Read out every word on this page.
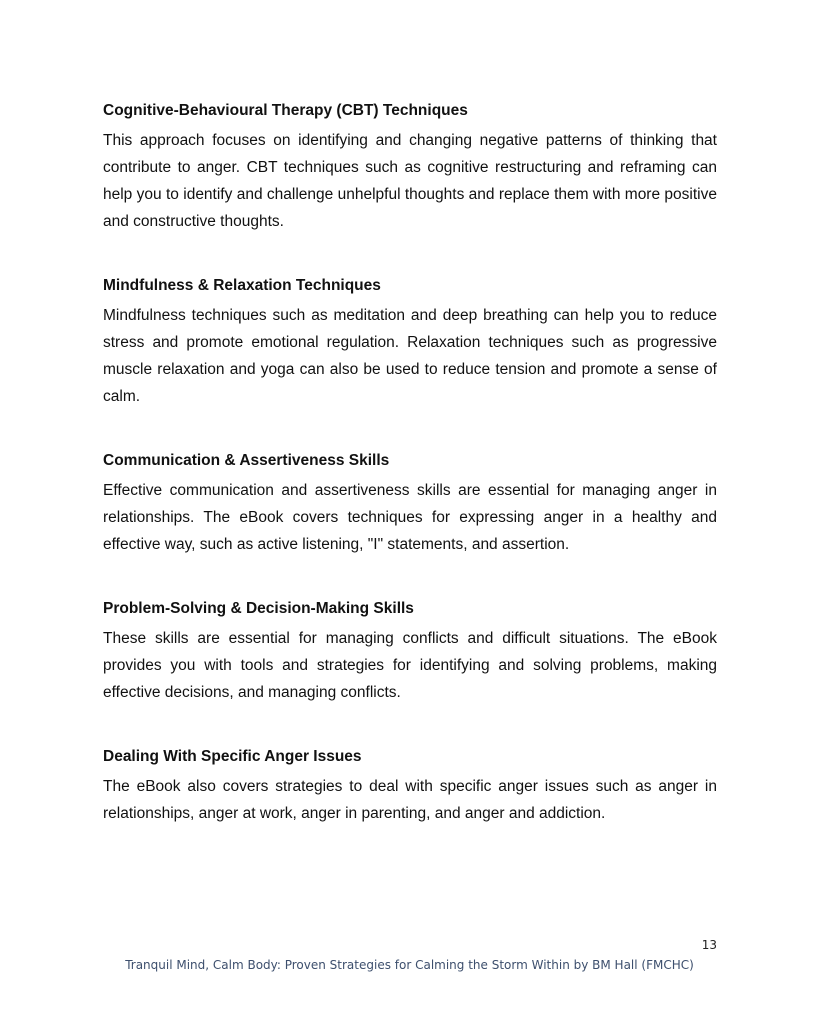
Cognitive-Behavioural Therapy (CBT) Techniques

This approach focuses on identifying and changing negative patterns of thinking that contribute to anger. CBT techniques such as cognitive restructuring and reframing can help you to identify and challenge unhelpful thoughts and replace them with more positive and constructive thoughts.

Mindfulness & Relaxation Techniques

Mindfulness techniques such as meditation and deep breathing can help you to reduce stress and promote emotional regulation. Relaxation techniques such as progressive muscle relaxation and yoga can also be used to reduce tension and promote a sense of calm.

Communication & Assertiveness Skills

Effective communication and assertiveness skills are essential for managing anger in relationships. The eBook covers techniques for expressing anger in a healthy and effective way, such as active listening, "I" statements, and assertion.

Problem-Solving & Decision-Making Skills

These skills are essential for managing conflicts and difficult situations. The eBook provides you with tools and strategies for identifying and solving problems, making effective decisions, and managing conflicts.

Dealing With Specific Anger Issues

The eBook also covers strategies to deal with specific anger issues such as anger in relationships, anger at work, anger in parenting, and anger and addiction.

13
Tranquil Mind, Calm Body: Proven Strategies for Calming the Storm Within by BM Hall (FMCHC)
